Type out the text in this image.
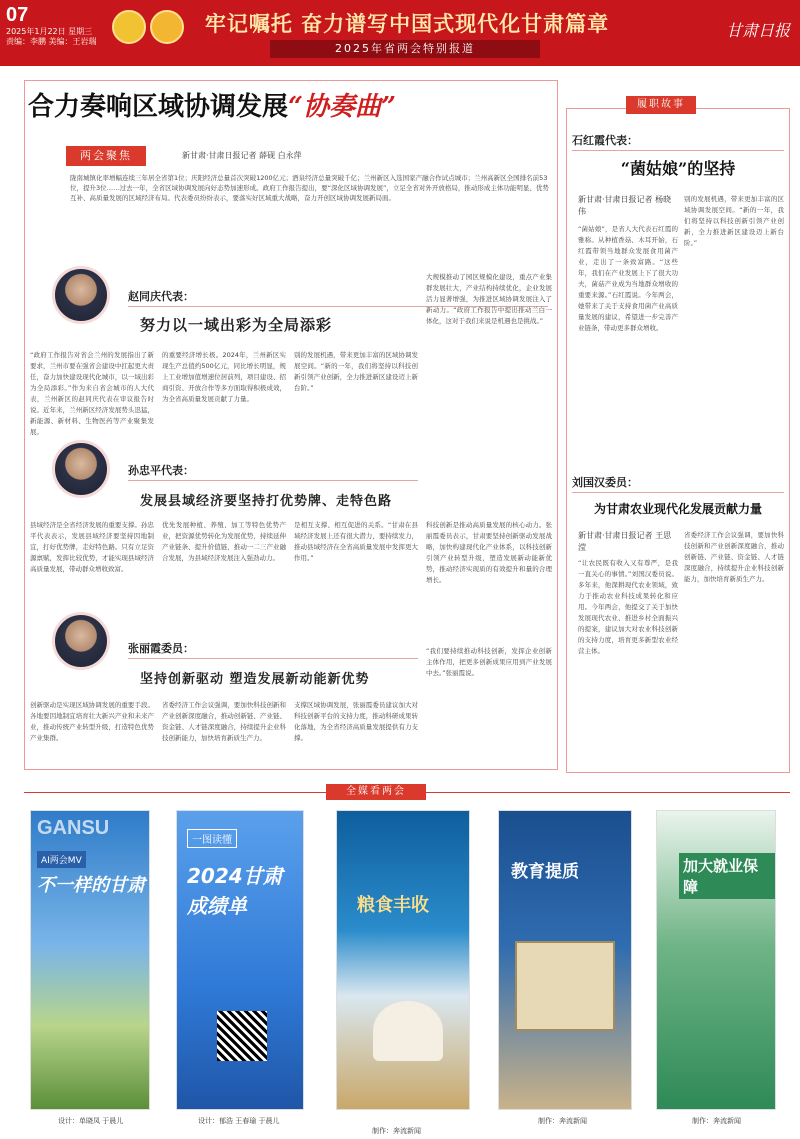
07
2025年1月22日 星期三
责编：李鹏 美编：王岩瑞
牢记嘱托 奋力谱写中国式现代化甘肃篇章
2025年省两会特别报道
甘肃日报
合力奏响区域协调发展“协奏曲”
两会聚焦	新甘肃·甘肃日报记者 薛砚 白永萍
陇南城镇化率增幅连续三年居全省第1位；庆阳经济总量首次突破1200亿元；酒泉经济总量突破千亿；兰州新区入选国家产融合作试点城市；兰州高新区全国排名前53位，提升3位……过去一年，全省区域协调发展向好态势加速形成。政府工作报告提出，要“深化区域协调发展”，立足全省对外开放格局，推动形成主体功能明显、优势互补、高质量发展的区域经济布局。代表委员纷纷表示，要落实好区域重大战略，奋力开创区域协调发展新局面。
赵同庆代表：
努力以一域出彩为全局添彩
“政府工作报告对省会兰州的发展指出了新要求，兰州市要在强省会建设中扛起更大责任，奋力加快建设现代化城市，以一域出彩为全局添彩。”作为来自省会城市的人大代表，兰州新区的赵同庆代表在审议报告时说。近年来，兰州新区经济发展势头迅猛，新能源、新材料、生物医药等产业聚集发展。
的重要经济增长极。2024年，兰州新区实现生产总值约500亿元，同比增长明显，规上工业增加值增速位居前列，项目建设、招商引资、开放合作等多方面取得积极成效，为全省高质量发展贡献了力量。
别的发展机遇，带来更加丰富的区域协调发展空间。“新的一年，我们将坚持以科技创新引领产业创新，全力推进新区建设迈上新台阶。”
大规模推动了园区规模化建设，重点产业集群发展壮大，产业结构持续优化，企业发展活力显著增强，为推进区域协调发展注入了新动力。“政府工作报告中提出推动兰白一体化，这对于我们来说是机遇也是挑战。”
孙忠平代表：
发展县域经济要坚持打优势牌、走特色路
县域经济是全省经济发展的重要支撑。孙忠平代表表示，发展县域经济要坚持因地制宜，打好优势牌，走好特色路。只有立足资源禀赋，发挥比较优势，才能实现县域经济高质量发展，带动群众增收致富。
优先发展种植、养殖、加工等特色优势产业，把资源优势转化为发展优势，持续延伸产业链条、提升价值链，推动一二三产业融合发展，为县域经济发展注入强劲动力。
是相互支撑、相互促进的关系。“甘肃在县域经济发展上还有很大潜力，要持续发力，推动县域经济在全省高质量发展中发挥更大作用。”
科技创新是推动高质量发展的核心动力。张丽霞委员表示，甘肃要坚持创新驱动发展战略，加快构建现代化产业体系，以科技创新引领产业转型升级，塑造发展新动能新优势，推动经济实现质的有效提升和量的合理增长。
张丽霞委员：
坚持创新驱动 塑造发展新动能新优势
创新驱动是实现区域协调发展的重要手段。各地要因地制宜培育壮大新兴产业和未来产业，推动传统产业转型升级，打造特色优势产业集群。
省委经济工作会议强调，要加快科技创新和产业创新深度融合，推动创新链、产业链、资金链、人才链深度融合，持续提升企业科技创新能力，加快培育新质生产力。
支撑区域协调发展，张丽霞委员建议加大对科技创新平台的支持力度，推动科研成果转化落地，为全省经济高质量发展提供有力支撑。
“我们要持续推动科技创新，发挥企业创新主体作用，把更多创新成果应用到产业发展中去。”张丽霞说。
履职故事
石红霞代表：
“菌姑娘”的坚持
新甘肃·甘肃日报记者 杨晓伟
“菌姑娘”，是省人大代表石红霞的雅称。从种植香菇、木耳开始，石红霞带领当地群众发展食用菌产业，走出了一条致富路。“这些年，我们在产业发展上下了很大功夫，菌菇产业成为当地群众增收的重要来源。”石红霞说。今年两会，她带来了关于支持食用菌产业高质量发展的建议，希望进一步完善产业链条，带动更多群众增收。
别的发展机遇，带来更加丰富的区域协调发展空间。“新的一年，我们将坚持以科技创新引领产业创新，全力推进新区建设迈上新台阶。”
刘国汉委员：
为甘肃农业现代化发展贡献力量
新甘肃·甘肃日报记者 王思滢
“让农民既有收入又有尊严，是我一直关心的事情。”刘国汉委员说。多年来，他深耕现代农业领域，致力于推动农业科技成果转化和应用。今年两会，他提交了关于加快发展现代农业、推进乡村全面振兴的提案，建议加大对农业科技创新的支持力度，培育更多新型农业经营主体。
省委经济工作会议强调，要加快科技创新和产业创新深度融合，推动创新链、产业链、资金链、人才链深度融合，持续提升企业科技创新能力，加快培育新质生产力。
全媒看两会
GANSU
AI两会MV
不一样的甘肃
一图读懂
2024甘肃成绩单	粮食丰收
教育提质	加大就业保障
设计：单晓凤 于晨儿	设计：郁浩 王春瑜 于晨儿
制作：奔流新闻
制作：奔流新闻	制作：奔流新闻
